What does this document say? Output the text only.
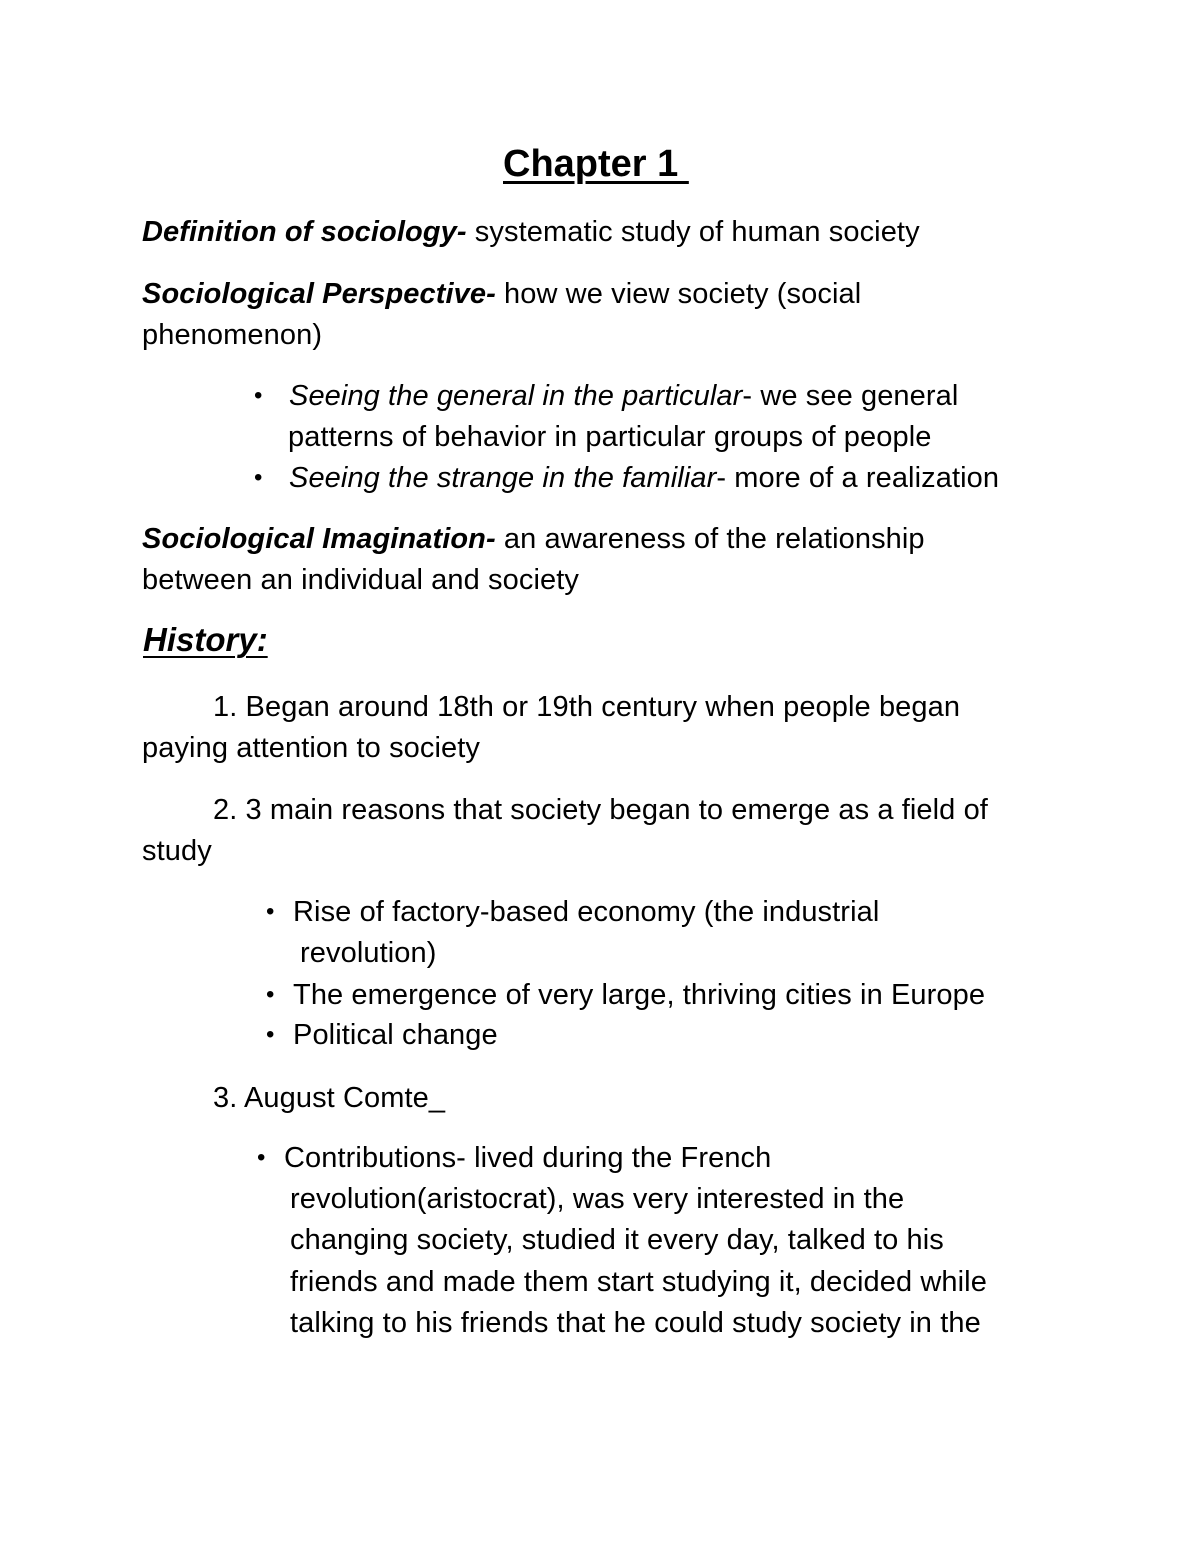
Chapter 1
Definition of sociology- systematic study of human society
Sociological Perspective- how we view society (social
phenomenon)
• Seeing the general in the particular- we see general
patterns of behavior in particular groups of people
• Seeing the strange in the familiar- more of a realization
Sociological Imagination- an awareness of the relationship
between an individual and society
History:
1. Began around 18th or 19th century when people began
paying attention to society
2. 3 main reasons that society began to emerge as a field of
study
• Rise of factory-based economy (the industrial
revolution)
• The emergence of very large, thriving cities in Europe
• Political change
3. August Comte_
• Contributions- lived during the French
revolution(aristocrat), was very interested in the
changing society, studied it every day, talked to his
friends and made them start studying it, decided while
talking to his friends that he could study society in the
